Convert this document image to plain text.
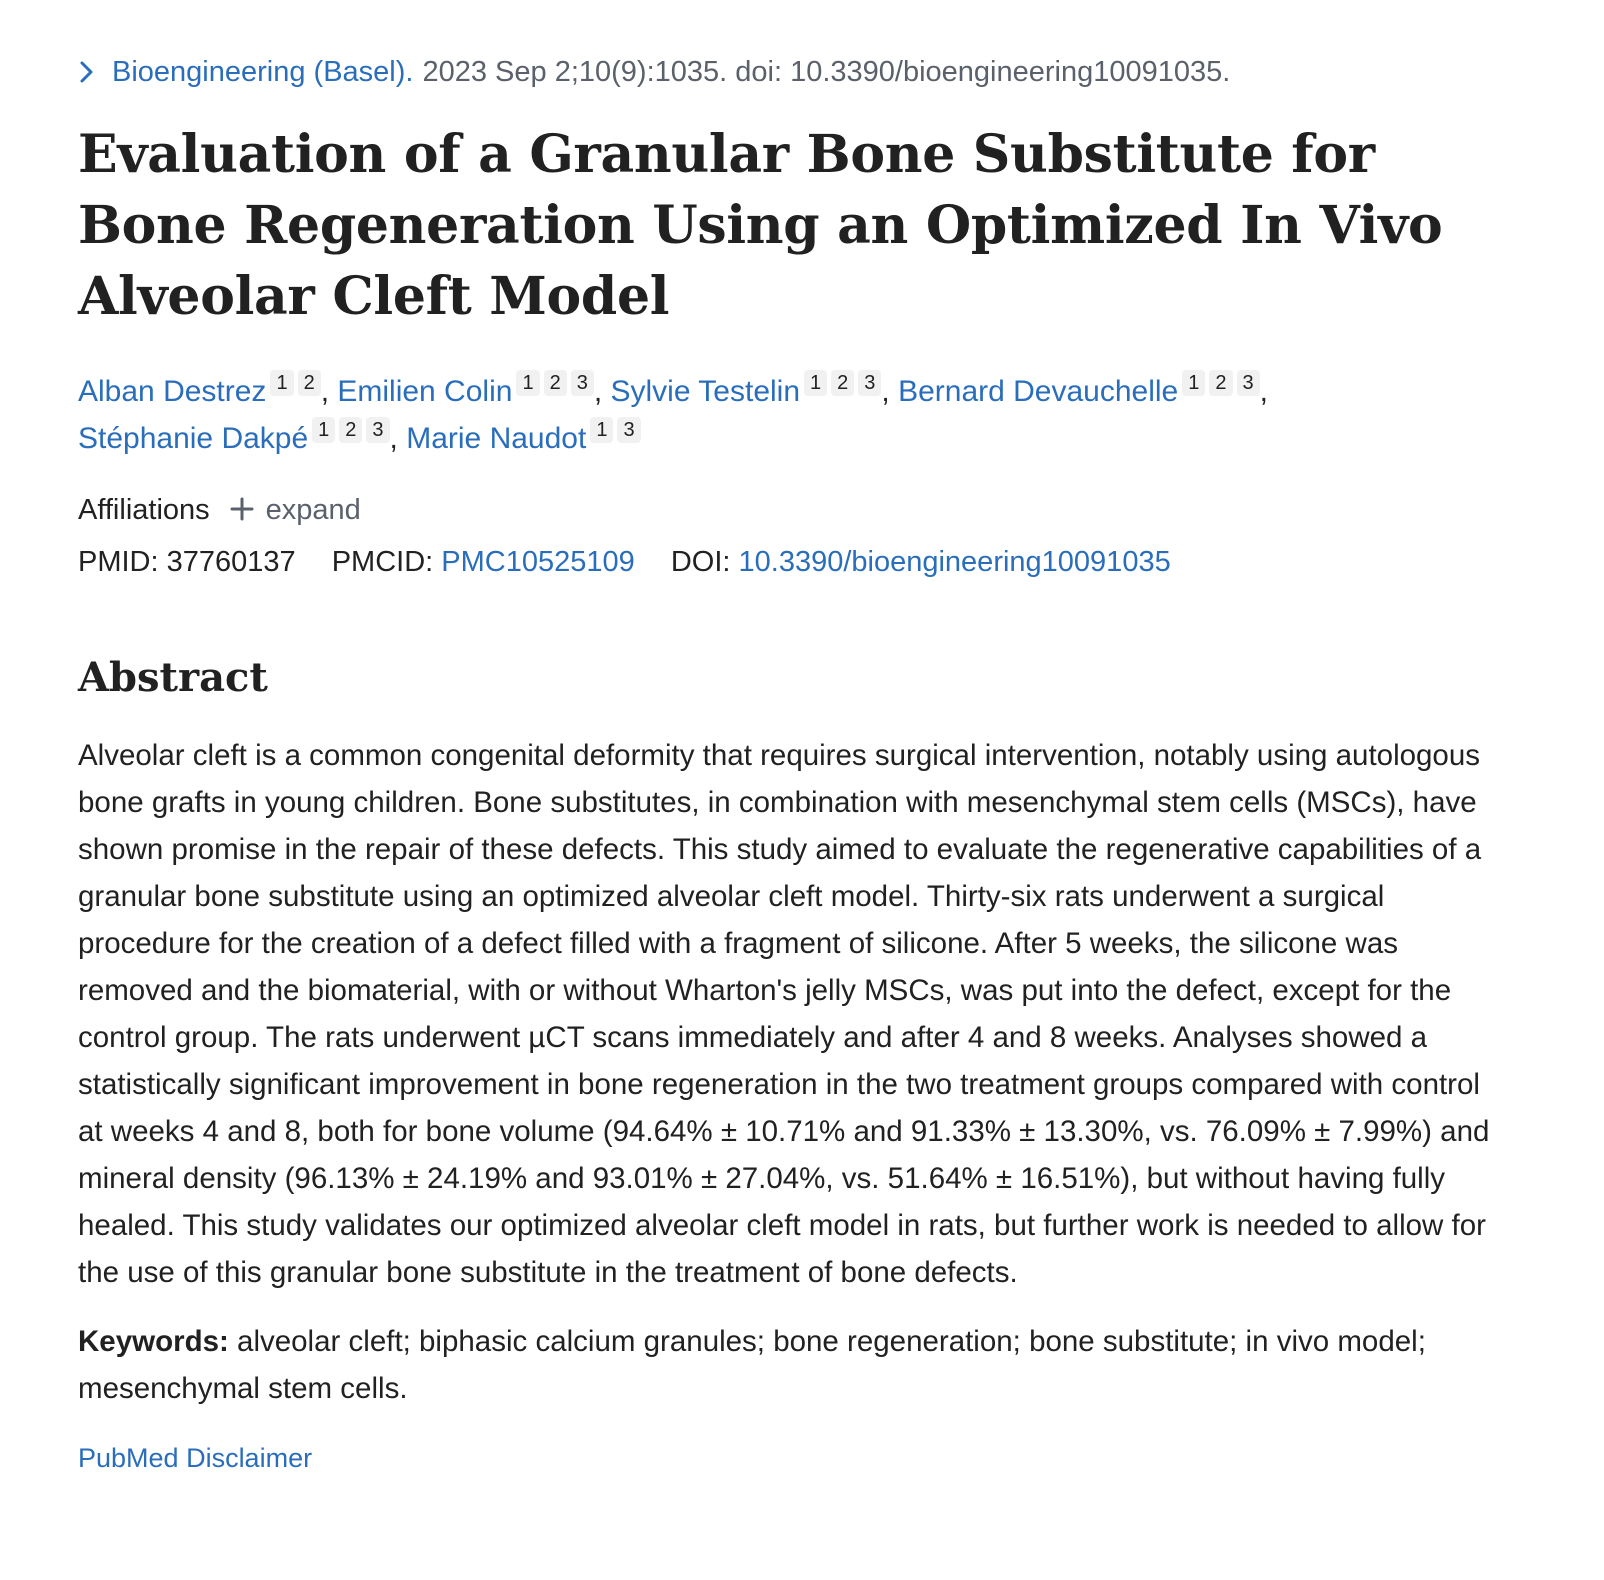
Bioengineering (Basel). 2023 Sep 2;10(9):1035. doi: 10.3390/bioengineering10091035.
Evaluation of a Granular Bone Substitute for Bone Regeneration Using an Optimized In Vivo Alveolar Cleft Model
Alban Destrez 1 2 , Emilien Colin 1 2 3 , Sylvie Testelin 1 2 3 , Bernard Devauchelle 1 2 3 ,
Stéphanie Dakpé 1 2 3 , Marie Naudot 1 3
Affiliations expand
PMID: 37760137 PMCID: PMC10525109 DOI: 10.3390/bioengineering10091035
Abstract
Alveolar cleft is a common congenital deformity that requires surgical intervention, notably using autologous bone grafts in young children. Bone substitutes, in combination with mesenchymal stem cells (MSCs), have shown promise in the repair of these defects. This study aimed to evaluate the regenerative capabilities of a granular bone substitute using an optimized alveolar cleft model. Thirty-six rats underwent a surgical procedure for the creation of a defect filled with a fragment of silicone. After 5 weeks, the silicone was removed and the biomaterial, with or without Wharton's jelly MSCs, was put into the defect, except for the control group. The rats underwent µCT scans immediately and after 4 and 8 weeks. Analyses showed a statistically significant improvement in bone regeneration in the two treatment groups compared with control at weeks 4 and 8, both for bone volume (94.64% ± 10.71% and 91.33% ± 13.30%, vs. 76.09% ± 7.99%) and mineral density (96.13% ± 24.19% and 93.01% ± 27.04%, vs. 51.64% ± 16.51%), but without having fully healed. This study validates our optimized alveolar cleft model in rats, but further work is needed to allow for the use of this granular bone substitute in the treatment of bone defects.
Keywords: alveolar cleft; biphasic calcium granules; bone regeneration; bone substitute; in vivo model; mesenchymal stem cells.
PubMed Disclaimer
